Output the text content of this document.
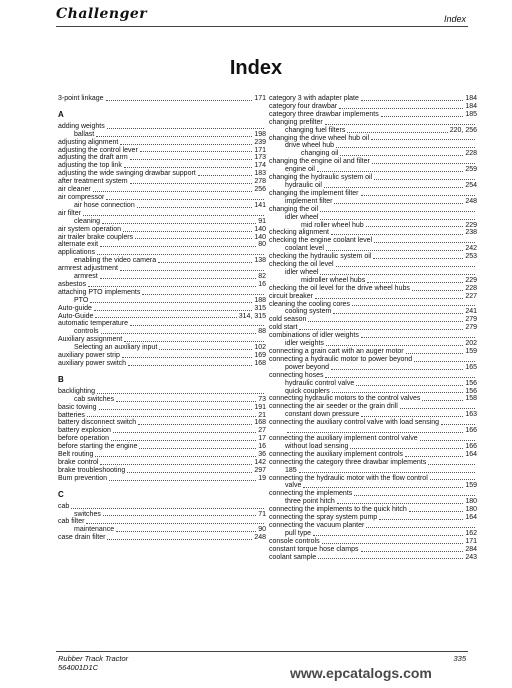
Challenger	Index
Index
3-point linkage	171
A
adding weights
ballast	198
adjusting alignment	239
adjusting the control lever	171
adjusting the draft arm	173
adjusting the top link	174
adjusting the wide swinging drawbar support	183
after treatment system	278
air cleaner	256
air compressor
air hose connection	141
air filter
cleaning	91
air system operation	140
air trailer brake couplers	140
alternate exit	80
applications
enabling the video camera	138
armrest adjustment
armrest	82
asbestos	16
attaching PTO implements
PTO	188
Auto-guide	315
Auto-Guide	314, 315
automatic temperature
controls	88
Auxiliary assignment
Selecting an auxiliary input	102
auxiliary power strip	169
auxiliary power switch	168
B
backlighting
cab switches	73
basic towing	191
batteries	21
battery disconnect switch	168
battery explosion	27
before operation	17
before starting the engine	16
Belt routing	36
brake control	142
brake troubleshooting	297
Bum prevention	19
C
cab
switches	71
cab filter
maintenance	90
case drain filter	248
category 3 with adapter plate	184
category four drawbar	184
category three drawbar implements	185
changing prefilter
changing fuel filters	220, 256
changing the drive wheel hub oil
drive wheel hub
changing oil	228
changing the engine oil and filter
engine oil	259
changing the hydraulic system oil
hydraulic oil	254
changing the implement filter
implement filter	248
changing the oil
idler wheel
mid roller wheel hub	229
checking alignment	238
checking the engine coolant level
coolant level	242
checking the hydraulic system oil	253
checking the oil level
idler wheel
midroller wheel hubs	229
checking the oil level for the drive wheel hubs	228
circuit breaker	227
cleaning the cooling cores
cooling system	241
cold season	279
cold start	279
combinations of idler weights
idler weights	202
connecting a grain cart with an auger motor	159
connecting a hydraulic motor to power beyond
power beyond	165
connecting hoses
hydraulic control valve	156
quick couplers	156
connecting hydraulic motors to the control valves	158
connecting the air seeder or the grain drill
constant down pressure	163
connecting the auxiliary control valve with load sensing
166
connecting the auxiliary implement control valve
without load sensing	166
connecting the auxiliary implement controls	164
connecting the category three drawbar implements
185
connecting the hydraulic motor with the flow control
valve	159
connecting the implements
three point hitch	180
connecting the implements to the quick hitch	180
connecting the spray system pump	164
connecting the vacuum planter
pull type	162
console controls	171
constant torque hose clamps	284
coolant sample	243
Rubber Track Tractor
564001D1C
335
www.epcatalogs.com
